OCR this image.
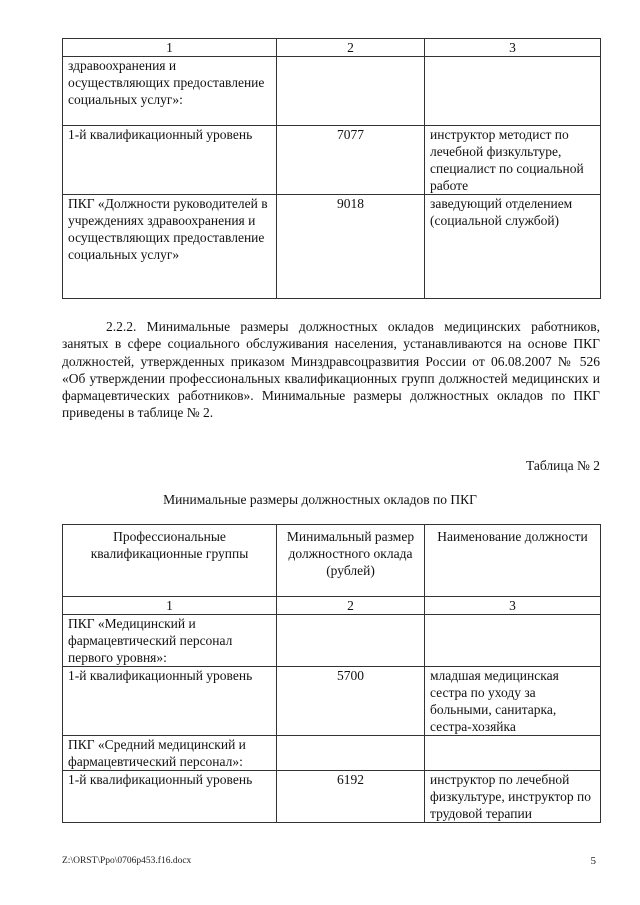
1	2	3
здравоохранения и осуществляющих предоставление социальных услуг»:		
1-й квалификационный уровень	7077	инструктор методист по лечебной физкультуре, специалист по социальной работе
ПКГ «Должности руководителей в учреждениях здравоохранения и осуществляющих предоставление социальных услуг»	9018	заведующий отделением (социальной службой)
2.2.2. Минимальные размеры должностных окладов медицинских работников, занятых в сфере социального обслуживания населения, устанавливаются на основе ПКГ должностей, утвержденных приказом Минздравсоцразвития России от 06.08.2007 № 526 «Об утверждении профессиональных квалификационных групп должностей медицинских и фармацевтических работников». Минимальные размеры должностных окладов по ПКГ приведены в таблице № 2.
Таблица № 2
Минимальные размеры должностных окладов по ПКГ
Профессиональные квалификационные группы	Минимальный размер должностного оклада (рублей)	Наименование должности
1	2	3
ПКГ «Медицинский и фармацевтический персонал первого уровня»:		
1-й квалификационный уровень	5700	младшая медицинская сестра по уходу за больными, санитарка, сестра-хозяйка
ПКГ «Средний медицинский и фармацевтический персонал»:		
1-й квалификационный уровень	6192	инструктор по лечебной физкультуре, инструктор по трудовой терапии
Z:\ORST\Ppo\0706p453.f16.docx	5
